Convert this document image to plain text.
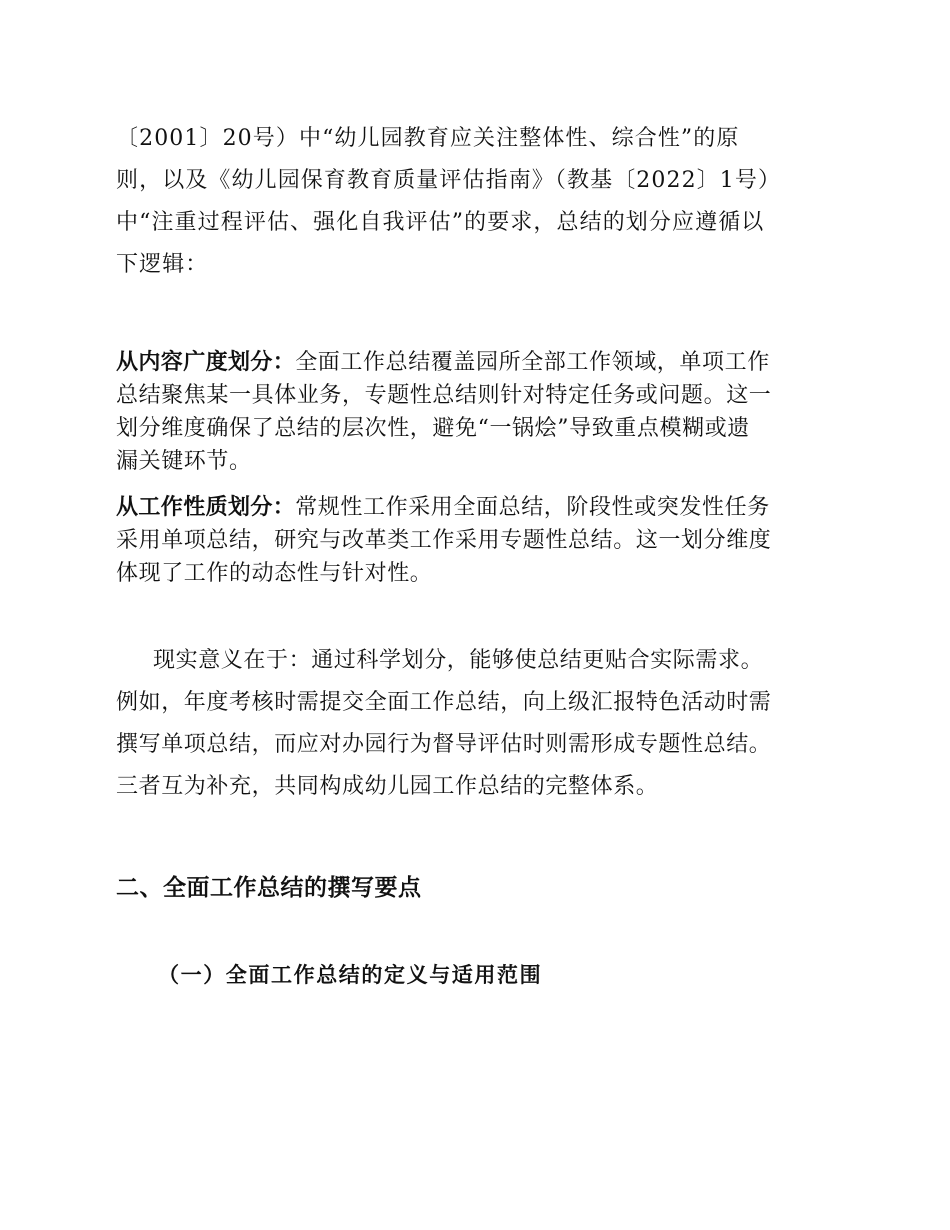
〔2001〕20号）中“幼儿园教育应关注整体性、综合性”的原
则，以及《幼儿园保育教育质量评估指南》（教基〔2022〕1号）
中“注重过程评估、强化自我评估”的要求，总结的划分应遵循以
下逻辑：
从内容广度划分：全面工作总结覆盖园所全部工作领域，单项工作
总结聚焦某一具体业务，专题性总结则针对特定任务或问题。这一
划分维度确保了总结的层次性，避免“一锅烩”导致重点模糊或遗
漏关键环节。
从工作性质划分：常规性工作采用全面总结，阶段性或突发性任务
采用单项总结，研究与改革类工作采用专题性总结。这一划分维度
体现了工作的动态性与针对性。
现实意义在于：通过科学划分，能够使总结更贴合实际需求。
例如，年度考核时需提交全面工作总结，向上级汇报特色活动时需
撰写单项总结，而应对办园行为督导评估时则需形成专题性总结。
三者互为补充，共同构成幼儿园工作总结的完整体系。
二、全面工作总结的撰写要点
（一）全面工作总结的定义与适用范围
